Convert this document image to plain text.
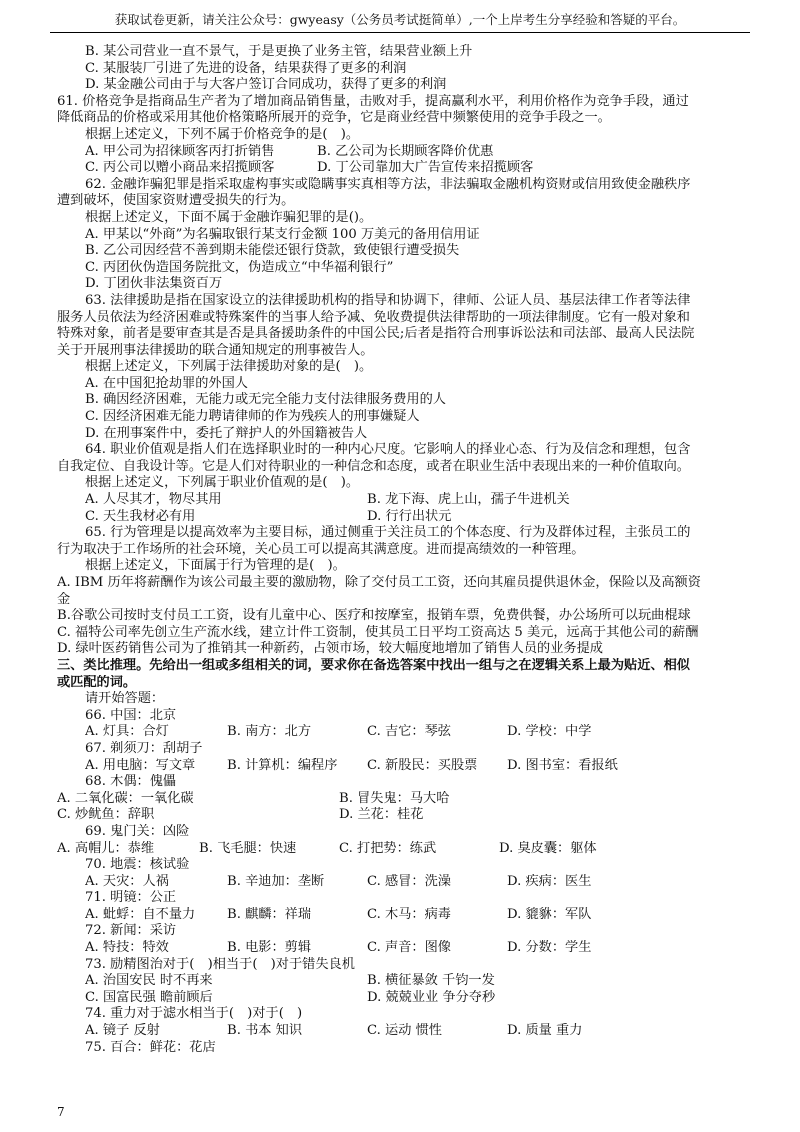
获取试卷更新，请关注公众号：gwyeasy（公务员考试挺简单）,一个上岸考生分享经验和答疑的平台。
B. 某公司营业一直不景气，于是更换了业务主管，结果营业额上升
C. 某服装厂引进了先进的设备，结果获得了更多的利润
D. 某金融公司由于与大客户签订合同成功，获得了更多的利润
61. 价格竞争是指商品生产者为了增加商品销售量，击败对手，提高赢利水平，利用价格作为竞争手段，通过
降低商品的价格或采用其他价格策略所展开的竞争，它是商业经营中频繁使用的竞争手段之一。
根据上述定义，下列不属于价格竞争的是(　)。
A. 甲公司为招徕顾客丙打折销售	B. 乙公司为长期顾客降价优惠
C. 丙公司以赠小商品来招揽顾客	D. 丁公司靠加大广告宣传来招揽顾客
62. 金融诈骗犯罪是指采取虚构事实或隐瞒事实真相等方法，非法骗取金融机构资财或信用致使金融秩序
遭到破坏，使国家资财遭受损失的行为。
根据上述定义，下面不属于金融诈骗犯罪的是()。
A. 甲某以“外商”为名骗取银行某支行金额 100 万美元的备用信用证
B. 乙公司因经营不善到期未能偿还银行贷款，致使银行遭受损失
C. 丙团伙伪造国务院批文，伪造成立“中华福利银行”
D. 丁团伙非法集资百万
63. 法律援助是指在国家设立的法律援助机构的指导和协调下，律师、公证人员、基层法律工作者等法律
服务人员依法为经济困难或特殊案件的当事人给予减、免收费提供法律帮助的一项法律制度。它有一般对象和
特殊对象，前者是要审查其是否是具备援助条件的中国公民;后者是指符合刑事诉讼法和司法部、最高人民法院
关于开展刑事法律援助的联合通知规定的刑事被告人。
根据上述定义，下列属于法律援助对象的是(　)。
A. 在中国犯抢劫罪的外国人
B. 确因经济困难，无能力或无完全能力支付法律服务费用的人
C. 因经济困难无能力聘请律师的作为残疾人的刑事嫌疑人
D. 在刑事案件中，委托了辩护人的外国籍被告人
64. 职业价值观是指人们在选择职业时的一种内心尺度。它影响人的择业心态、行为及信念和理想，包含
自我定位、自我设计等。它是人们对待职业的一种信念和态度，或者在职业生活中表现出来的一种价值取向。
根据上述定义，下列属于职业价值观的是(　)。
A. 人尽其才，物尽其用	B. 龙下海、虎上山，孺子牛进机关
C. 天生我材必有用	D. 行行出状元
65. 行为管理是以提高效率为主要目标，通过侧重于关注员工的个体态度、行为及群体过程，主张员工的
行为取决于工作场所的社会环境，关心员工可以提高其满意度。进而提高绩效的一种管理。
根据上述定义，下面属于行为管理的是(　)。
A. IBM 历年将薪酬作为该公司最主要的激励物，除了交付员工工资，还向其雇员提供退休金，保险以及高额资
金
B.谷歌公司按时支付员工工资，设有儿童中心、医疗和按摩室，报销车票，免费供餐，办公场所可以玩曲棍球
C. 福特公司率先创立生产流水线，建立计件工资制，使其员工日平均工资高达 5 美元，远高于其他公司的薪酬
D. 绿叶医药销售公司为了推销其一种新药，占领市场，较大幅度地增加了销售人员的业务提成
三、类比推理。先给出一组或多组相关的词，要求你在备选答案中找出一组与之在逻辑关系上最为贴近、相似
或匹配的词。
请开始答题：
66. 中国：北京
A. 灯具：合灯	B. 南方：北方	C. 吉它：琴弦	D. 学校：中学
67. 剃须刀：刮胡子
A. 用电脑：写文章	B. 计算机：编程序	C. 新股民：买股票	D. 图书室：看报纸
68. 木偶：傀儡
A. 二氧化碳：一氧化碳	B. 冒失鬼：马大哈
C. 炒鱿鱼：辞职	D. 兰花：桂花
69. 鬼门关：凶险
A. 高帽儿：恭维	B. 飞毛腿：快速	C. 打把势：练武	D. 臭皮囊：躯体
70. 地震：核试验
A. 天灾：人祸	B. 辛迪加：垄断	C. 感冒：洗澡	D. 疾病：医生
71. 明镜：公正
A. 蚍蜉：自不量力	B. 麒麟：祥瑞	C. 木马：病毒	D. 貔貅：军队
72. 新闻：采访
A. 特技：特效	B. 电影：剪辑	C. 声音：图像	D. 分数：学生
73. 励精图治对于(　)相当于(　)对于错失良机
A. 治国安民 时不再来	B. 横征暴敛 千钧一发
C. 国富民强 瞻前顾后	D. 兢兢业业 争分夺秒
74. 重力对于滤水相当于(　)对于(　)
A. 镜子 反射	B. 书本 知识	C. 运动 惯性	D. 质量 重力
75. 百合：鲜花：花店
7
